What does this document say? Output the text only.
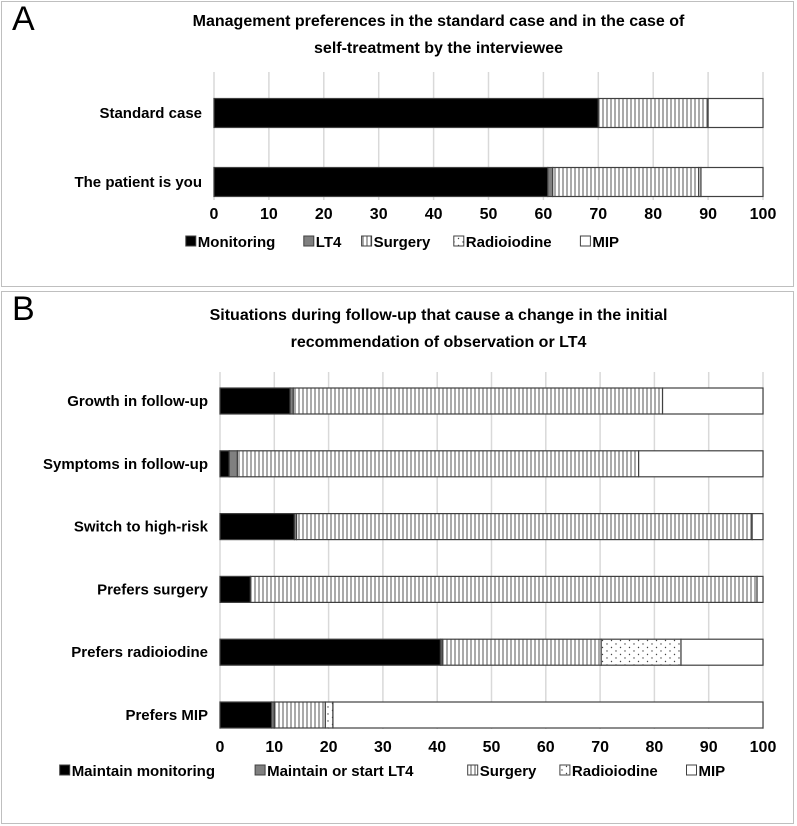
A	Management preferences in the standard case and in the case of
self-treatment by the interviewee
0	10 20 30 40 50 60 70 80 90 100
Standard case
The patient is you
Monitoring	LT4 Surgery Radioiodine	MIP
B	Situations during follow-up that cause a change in the initial
recommendation of observation or LT4
0	10 20 30 40 50 60 70 80 90 100
Growth in follow-up
Symptoms in follow-up
Switch to high-risk
Prefers surgery
Prefers radioiodine
Prefers MIP
Maintain monitoring	Maintain or start LT4	Surgery Radioiodine	MIP
